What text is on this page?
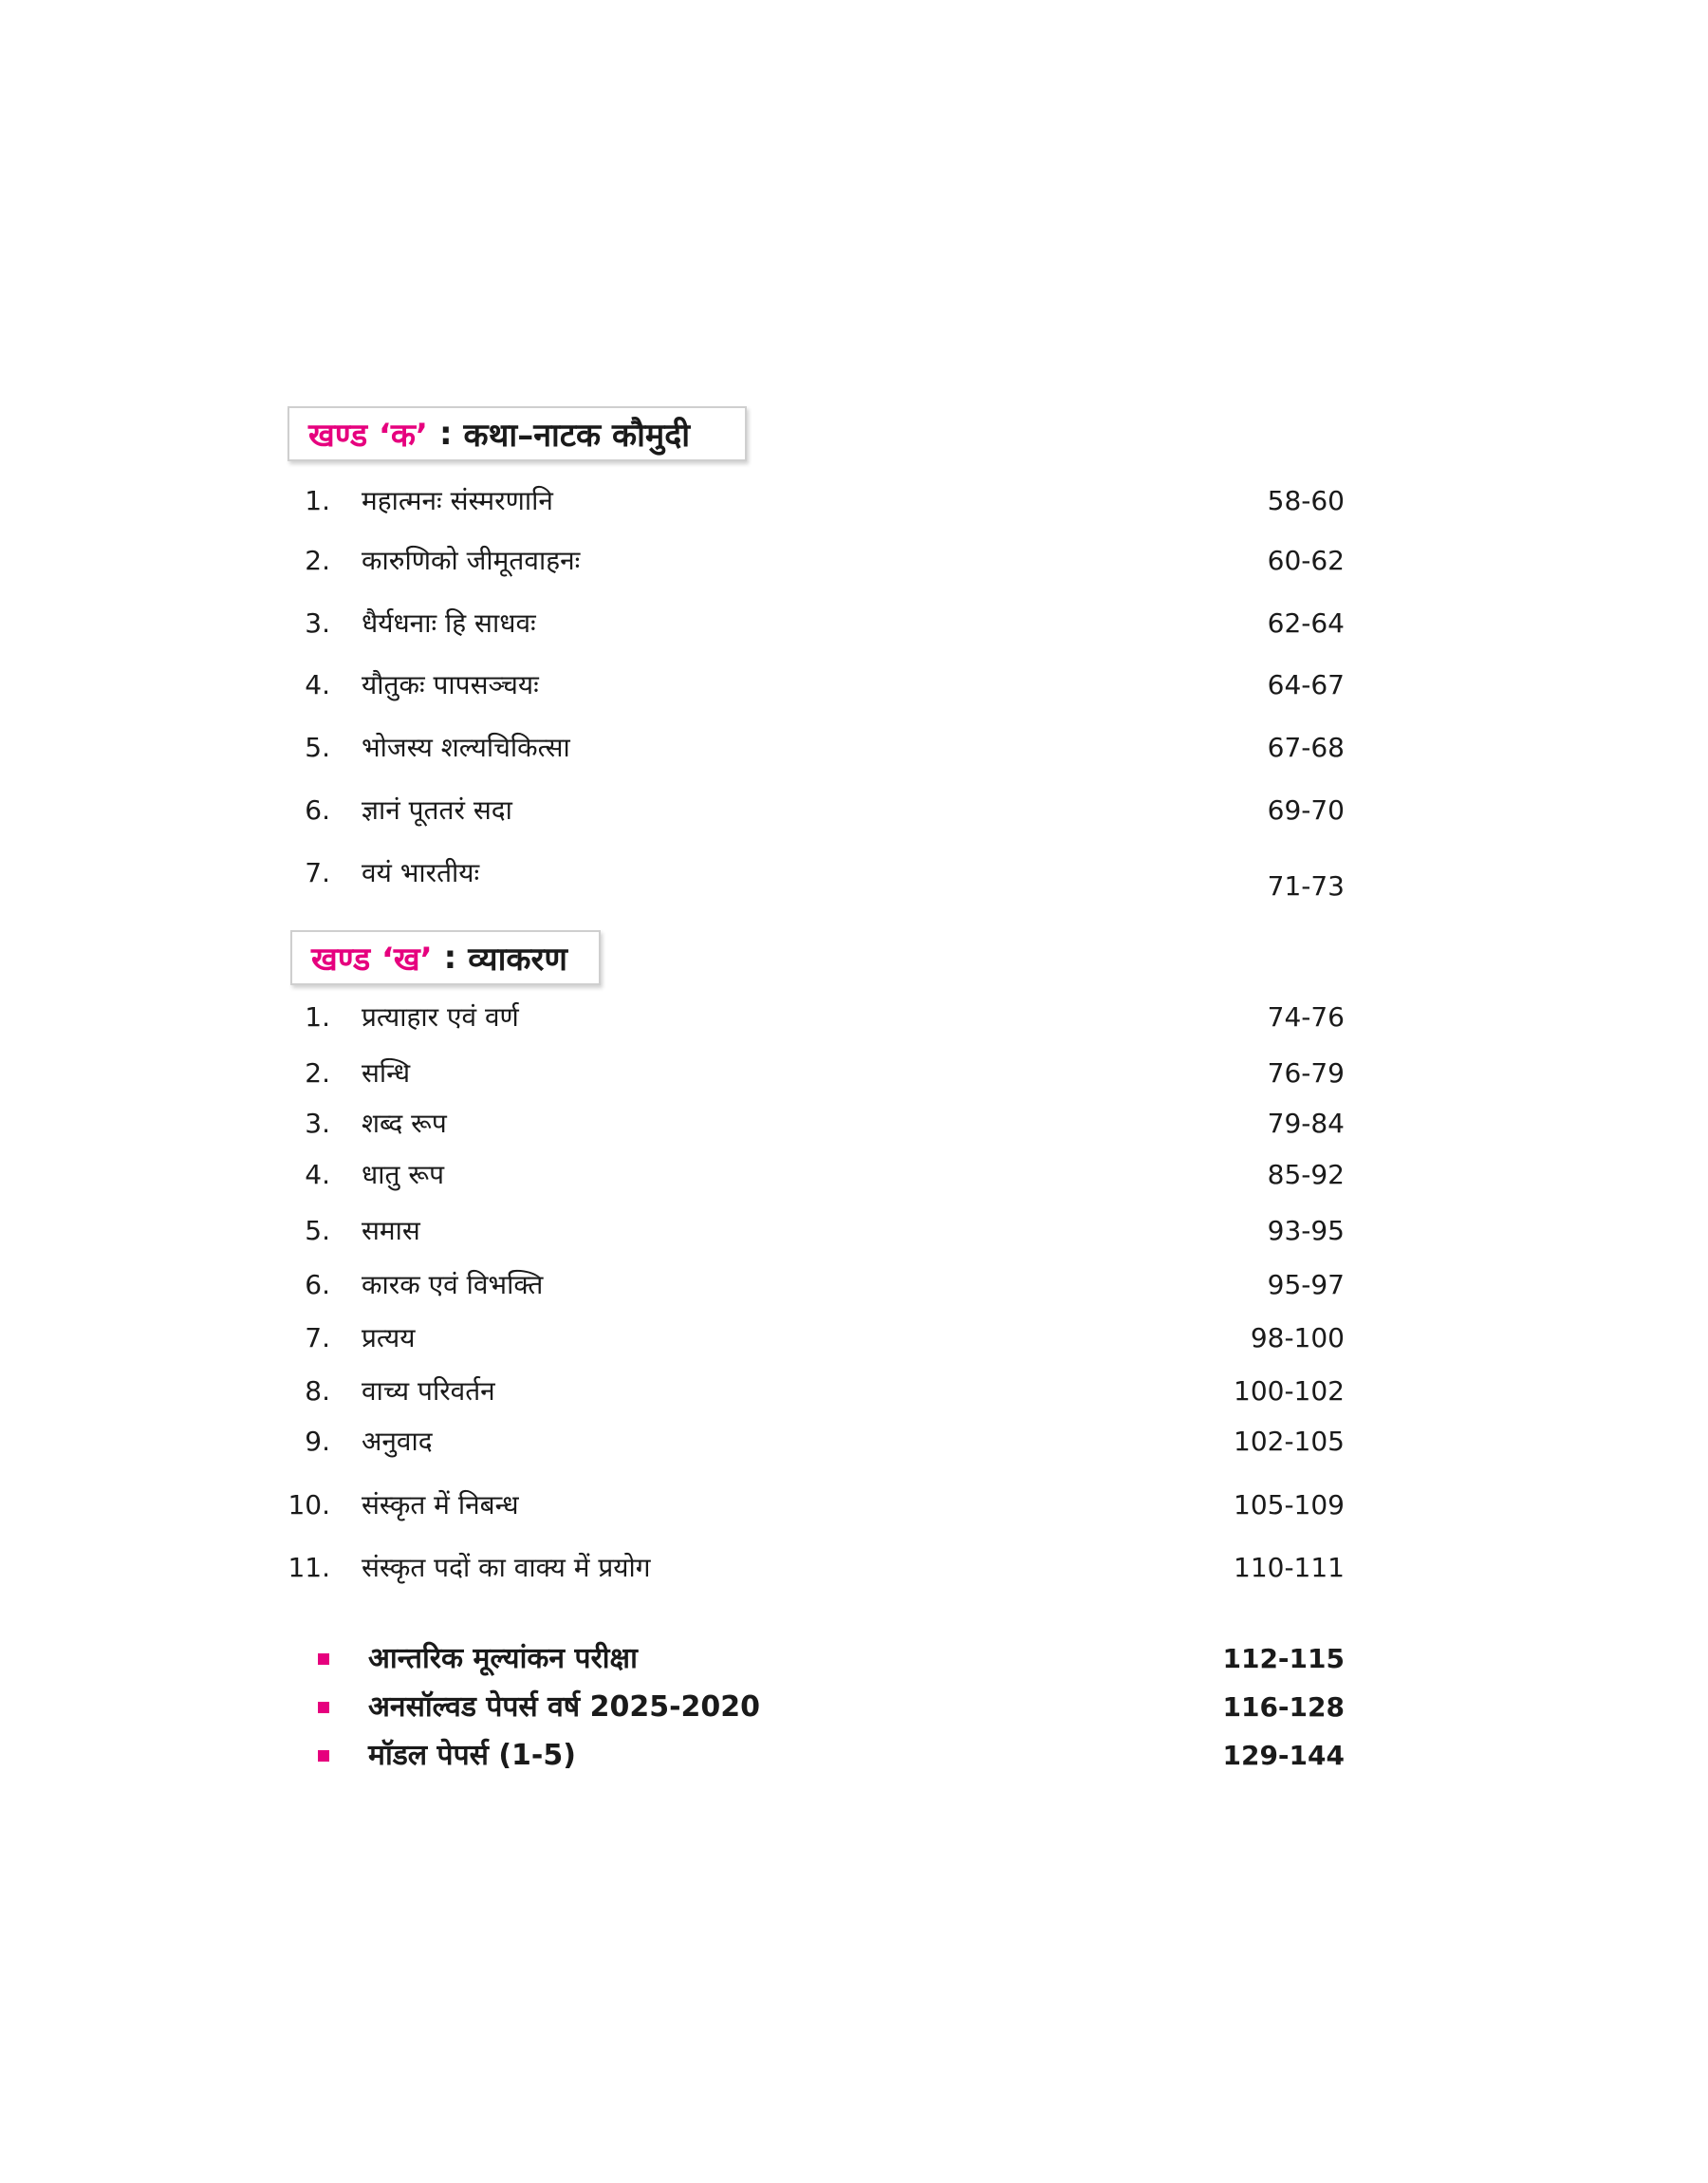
खण्ड ‘क’ : कथा–नाटक कौमुदी
1. महात्मनः संस्मरणानि	58-60
2. कारुणिको जीमूतवाहनः	60-62
3. धैर्यधनाः हि साधवः	62-64
4. यौतुकः पापसञ्चयः	64-67
5. भोजस्य शल्यचिकित्सा	67-68
6. ज्ञानं पूततरं सदा	69-70
7. वयं भारतीयः	71-73
खण्ड ‘ख’ : व्याकरण
1. प्रत्याहार एवं वर्ण	74-76
2. सन्धि	76-79
3. शब्द रूप	79-84
4. धातु रूप	85-92
5. समास	93-95
6. कारक एवं विभक्ति	95-97
7. प्रत्यय	98-100
8. वाच्य परिवर्तन	100-102
9. अनुवाद	102-105
10. संस्कृत में निबन्ध	105-109
11. संस्कृत पदों का वाक्य में प्रयोग	110-111
आन्तरिक मूल्यांकन परीक्षा	112-115
अनसॉल्वड पेपर्स वर्ष 2025-2020	116-128
मॉडल पेपर्स (1-5)	129-144
